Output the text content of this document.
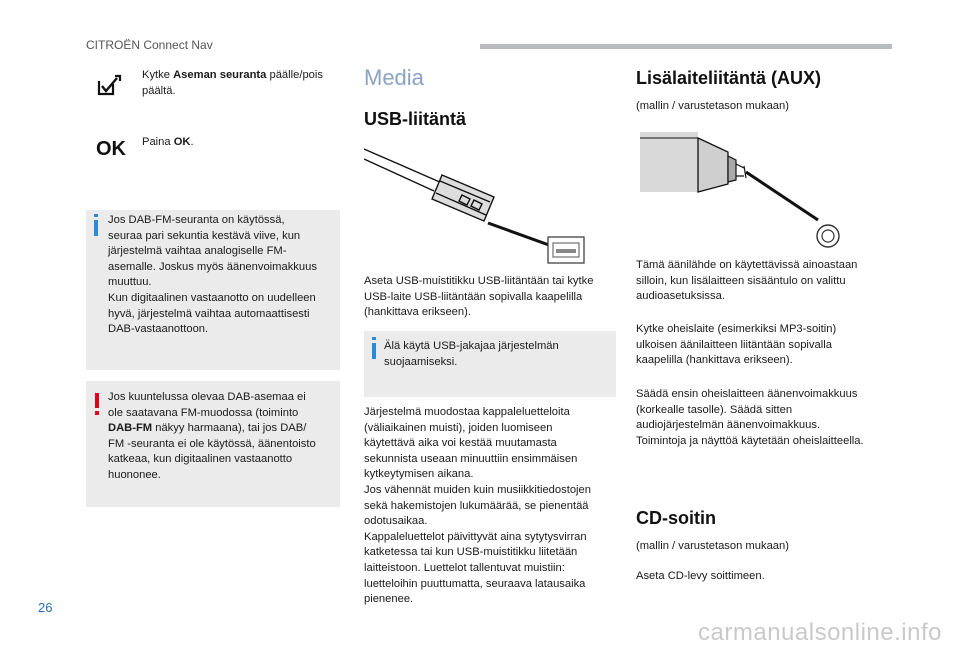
CITROËN Connect Nav
Kytke Aseman seuranta päälle/pois päältä.
OK Paina OK.
Jos DAB-FM-seuranta on käytössä,
seuraa pari sekuntia kestävä viive, kun
järjestelmä vaihtaa analogiselle FM-
asemalle. Joskus myös äänenvoimakkuus
muuttuu.
Kun digitaalinen vastaanotto on uudelleen
hyvä, järjestelmä vaihtaa automaattisesti
DAB-vastaanottoon.
Jos kuuntelussa olevaa DAB-asemaa ei
ole saatavana FM-muodossa (toiminto
DAB-FM näkyy harmaana), tai jos DAB/
FM -seuranta ei ole käytössä, äänentoisto
katkeaa, kun digitaalinen vastaanotto
huononee.
Media
USB-liitäntä
Aseta USB-muistitikku USB-liitäntään tai kytke
USB-laite USB-liitäntään sopivalla kaapelilla
(hankittava erikseen).
Älä käytä USB-jakajaa järjestelmän
suojaamiseksi.
Järjestelmä muodostaa kappaleluetteloita
(väliaikainen muisti), joiden luomiseen
käytettävä aika voi kestää muutamasta
sekunnista useaan minuuttiin ensimmäisen
kytkeytymisen aikana.
Jos vähennät muiden kuin musiikkitiedostojen
sekä hakemistojen lukumäärää, se pienentää
odotusaikaa.
Kappaleluettelot päivittyvät aina sytytysvirran
katketessa tai kun USB-muistitikku liitetään
laitteistoon. Luettelot tallentuvat muistiin:
luetteloihin puuttumatta, seuraava latausaika
pienenee.
Lisälaiteliitäntä (AUX)
(mallin / varustetason mukaan)
Tämä äänilähde on käytettävissä ainoastaan
silloin, kun lisälaitteen sisääntulo on valittu
audioasetuksissa.
Kytke oheislaite (esimerkiksi MP3-soitin)
ulkoisen äänilaitteen liitäntään sopivalla
kaapelilla (hankittava erikseen).
Säädä ensin oheislaitteen äänenvoimakkuus
(korkealle tasolle). Säädä sitten
audiojärjestelmän äänenvoimakkuus.
Toimintoja ja näyttöä käytetään oheislaitteella.
CD-soitin
(mallin / varustetason mukaan)
Aseta CD-levy soittimeen.
26
carmanualsonline.info
